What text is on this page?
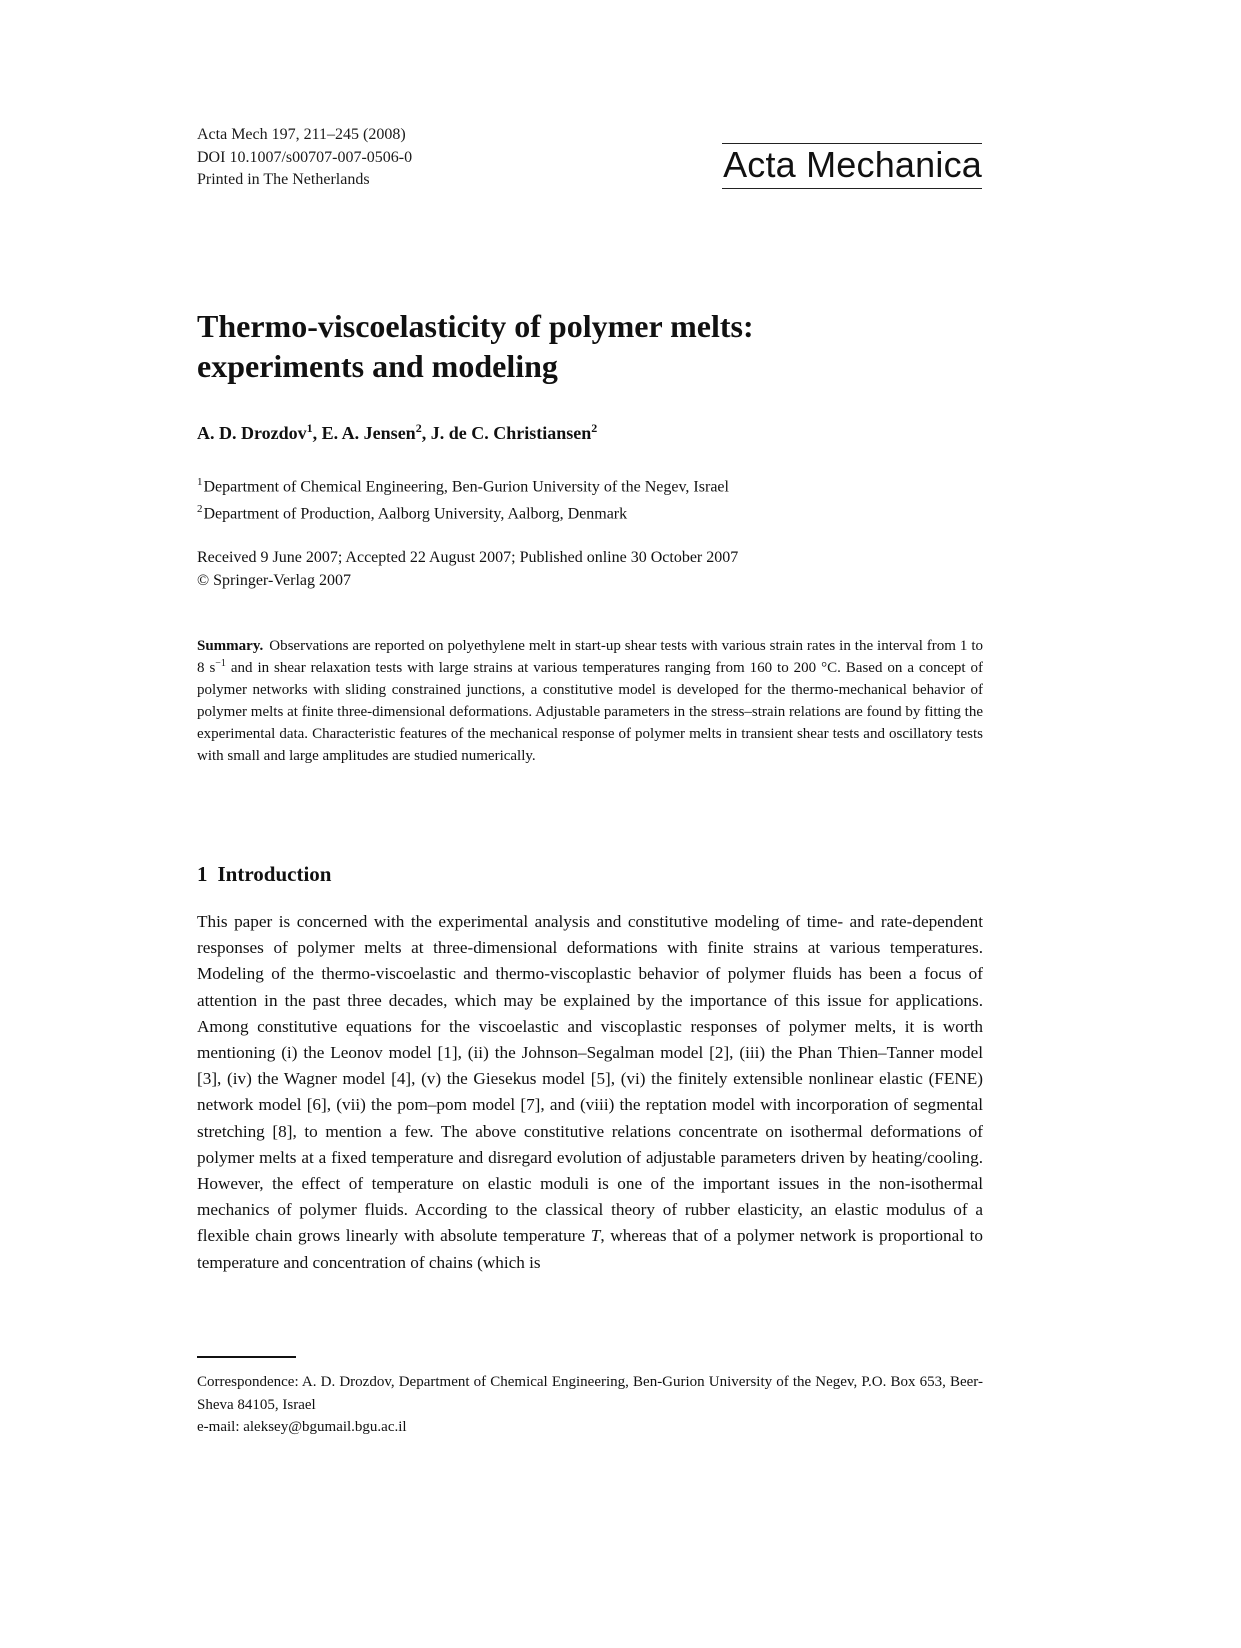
Acta Mech 197, 211–245 (2008)
DOI 10.1007/s00707-007-0506-0
Printed in The Netherlands	Acta Mechanica
Thermo-viscoelasticity of polymer melts:
experiments and modeling
A. D. Drozdov$^1$, E. A. Jensen$^2$, J. de C. Christiansen$^2$
$^1$Department of Chemical Engineering, Ben-Gurion University of the Negev, Israel
$^2$Department of Production, Aalborg University, Aalborg, Denmark
Received 9 June 2007; Accepted 22 August 2007; Published online 30 October 2007
© Springer-Verlag 2007
Summary. Observations are reported on polyethylene melt in start-up shear tests with various strain rates in the interval from 1 to 8 $s^{-1}$ and in shear relaxation tests with large strains at various temperatures ranging from 160 to 200 °C. Based on a concept of polymer networks with sliding constrained junctions, a constitutive model is developed for the thermo-mechanical behavior of polymer melts at finite three-dimensional deformations. Adjustable parameters in the stress–strain relations are found by fitting the experimental data. Characteristic features of the mechanical response of polymer melts in transient shear tests and oscillatory tests with small and large amplitudes are studied numerically.
1 Introduction
This paper is concerned with the experimental analysis and constitutive modeling of time- and rate-dependent responses of polymer melts at three-dimensional deformations with finite strains at various temperatures. Modeling of the thermo-viscoelastic and thermo-viscoplastic behavior of polymer fluids has been a focus of attention in the past three decades, which may be explained by the importance of this issue for applications. Among constitutive equations for the viscoelastic and viscoplastic responses of polymer melts, it is worth mentioning (i) the Leonov model [1], (ii) the Johnson–Segalman model [2], (iii) the Phan Thien–Tanner model [3], (iv) the Wagner model [4], (v) the Giesekus model [5], (vi) the finitely extensible nonlinear elastic (FENE) network model [6], (vii) the pom–pom model [7], and (viii) the reptation model with incorporation of segmental stretching [8], to mention a few. The above constitutive relations concentrate on isothermal deformations of polymer melts at a fixed temperature and disregard evolution of adjustable parameters driven by heating/cooling. However, the effect of temperature on elastic moduli is one of the important issues in the non-isothermal mechanics of polymer fluids. According to the classical theory of rubber elasticity, an elastic modulus of a flexible chain grows linearly with absolute temperature T, whereas that of a polymer network is proportional to temperature and concentration of chains (which is
Correspondence: A. D. Drozdov, Department of Chemical Engineering, Ben-Gurion University of the Negev, P.O. Box 653, Beer-Sheva 84105, Israel
e-mail: aleksey@bgumail.bgu.ac.il
